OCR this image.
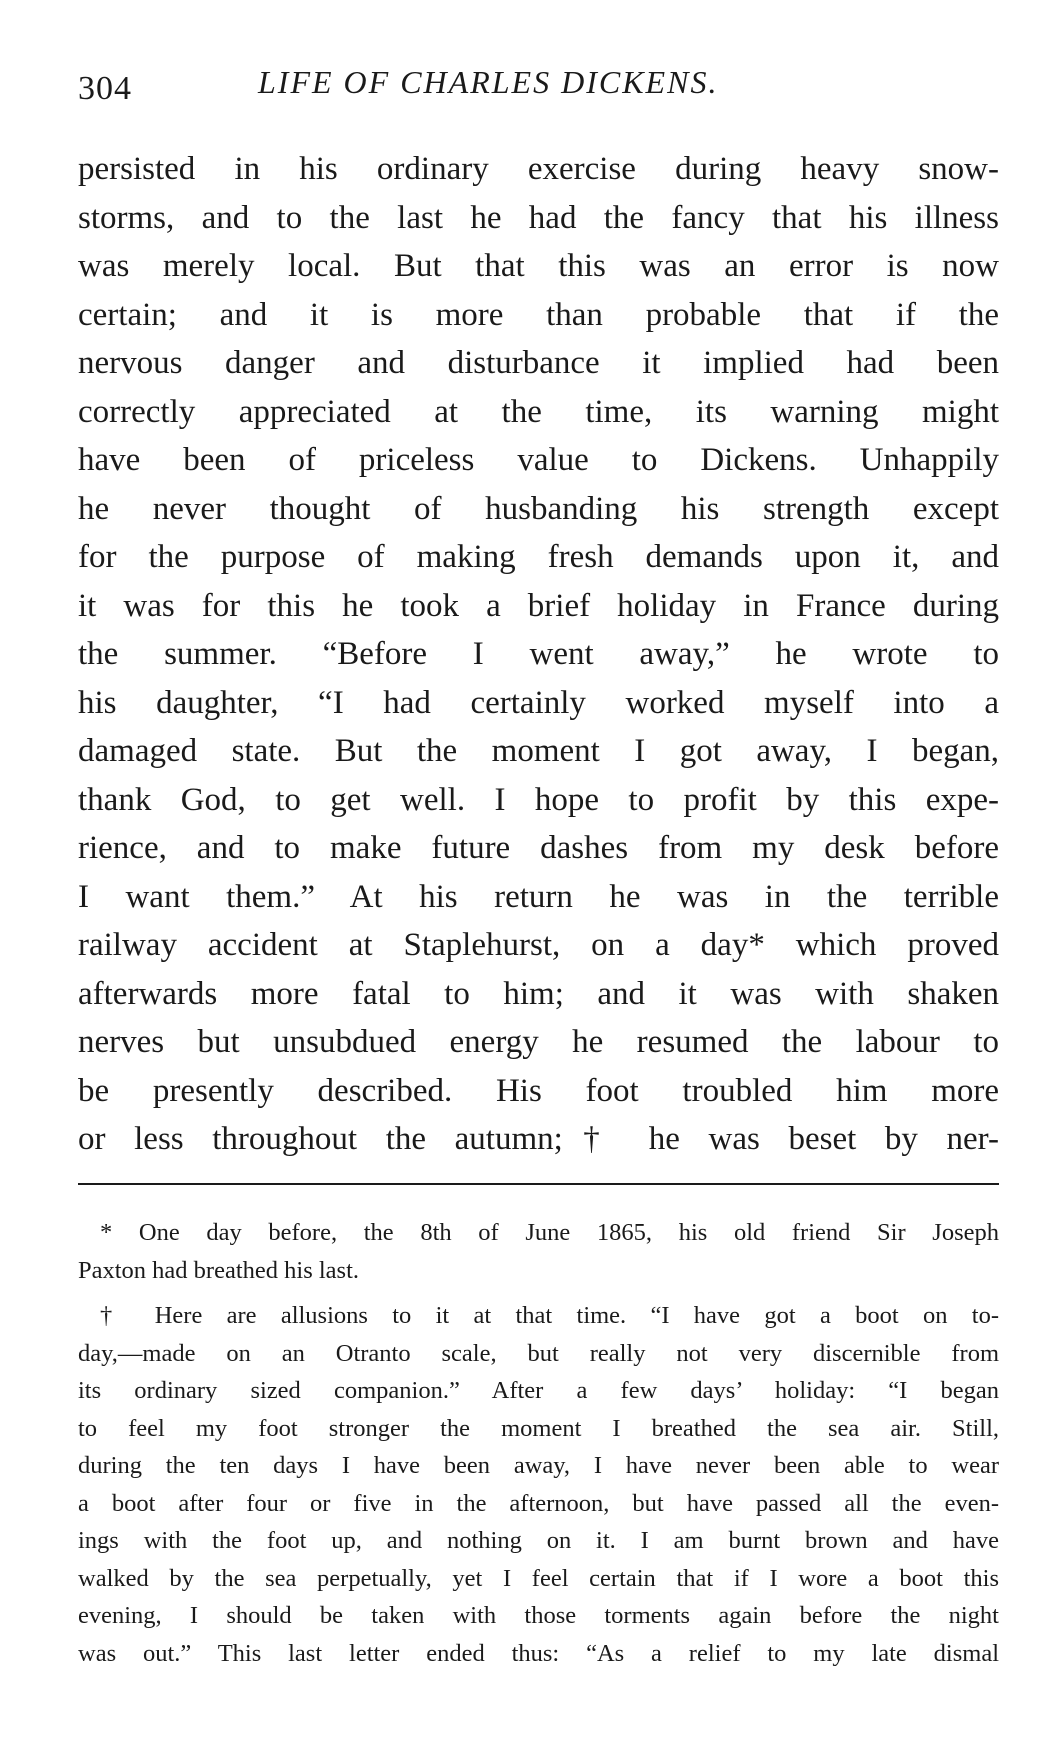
304	LIFE OF CHARLES DICKENS.
persisted in his ordinary exercise during heavy snow-
storms, and to the last he had the fancy that his illness
was merely local. But that this was an error is now
certain; and it is more than probable that if the
nervous danger and disturbance it implied had been
correctly appreciated at the time, its warning might
have been of priceless value to Dickens. Unhappily
he never thought of husbanding his strength except
for the purpose of making fresh demands upon it, and
it was for this he took a brief holiday in France during
the summer. “Before I went away,” he wrote to
his daughter, “I had certainly worked myself into a
damaged state. But the moment I got away, I began,
thank God, to get well. I hope to profit by this expe-
rience, and to make future dashes from my desk before
I want them.” At his return he was in the terrible
railway accident at Staplehurst, on a day* which proved
afterwards more fatal to him; and it was with shaken
nerves but unsubdued energy he resumed the labour to
be presently described. His foot troubled him more
or less throughout the autumn;† he was beset by ner-
* One day before, the 8th of June 1865, his old friend Sir Joseph
Paxton had breathed his last.
† Here are allusions to it at that time. “I have got a boot on to-
day,—made on an Otranto scale, but really not very discernible from
its ordinary sized companion.” After a few days’ holiday: “I began
to feel my foot stronger the moment I breathed the sea air. Still,
during the ten days I have been away, I have never been able to wear
a boot after four or five in the afternoon, but have passed all the even-
ings with the foot up, and nothing on it. I am burnt brown and have
walked by the sea perpetually, yet I feel certain that if I wore a boot this
evening, I should be taken with those torments again before the night
was out.” This last letter ended thus: “As a relief to my late dismal
